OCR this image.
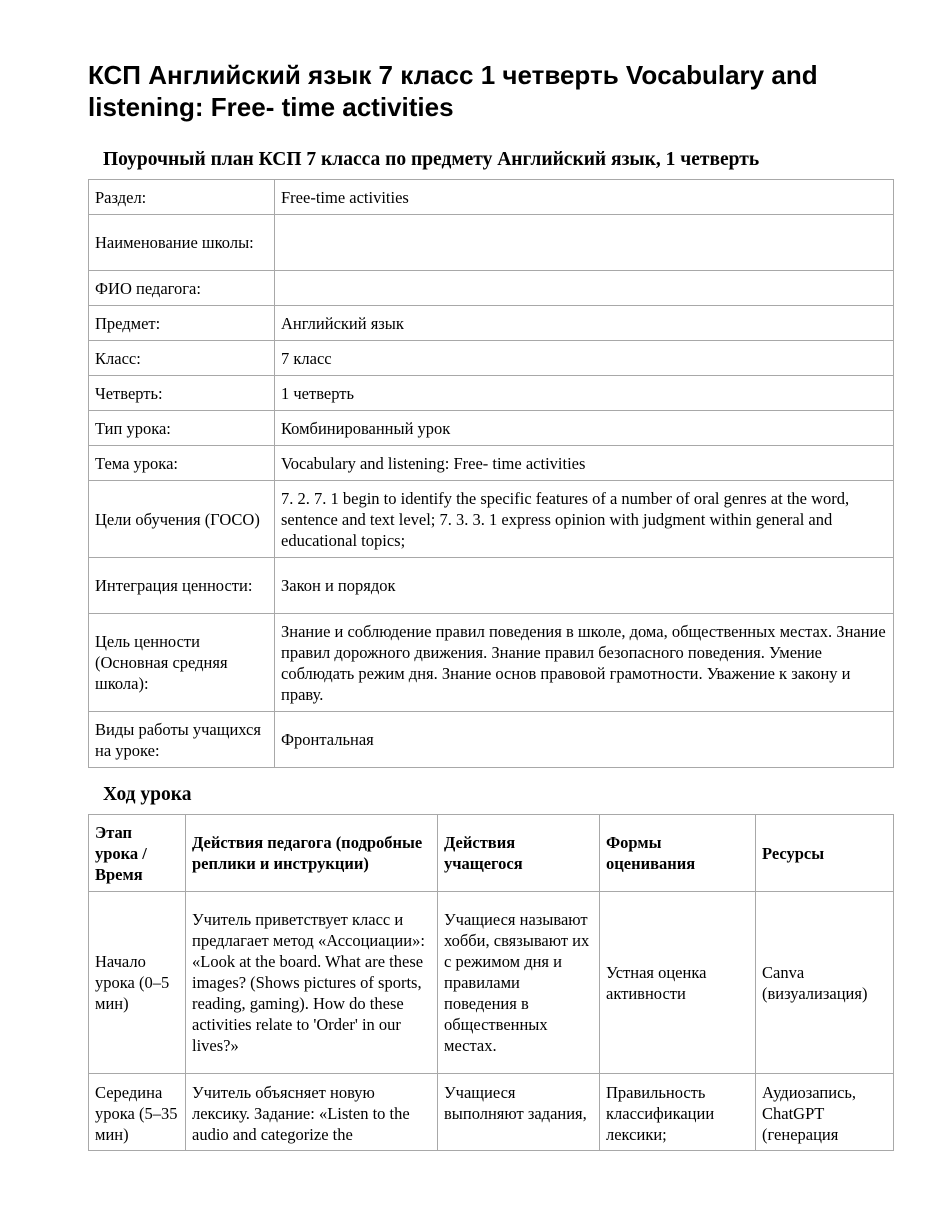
КСП Английский язык 7 класс 1 четверть Vocabulary and listening: Free- time activities
Поурочный план КСП 7 класса по предмету Английский язык, 1 четверть
Раздел:	Free-time activities
Наименование школы:	
ФИО педагога:	
Предмет:	Английский язык
Класс:	7 класс
Четверть:	1 четверть
Тип урока:	Комбинированный урок
Тема урока:	Vocabulary and listening: Free- time activities
Цели обучения (ГОСО)	7. 2. 7. 1 begin to identify the specific features of a number of oral genres at the word, sentence and text level; 7. 3. 3. 1 express opinion with judgment within general and educational topics;
Интеграция ценности:	Закон и порядок
Цель ценности (Основная средняя школа):	Знание и соблюдение правил поведения в школе, дома, общественных местах. Знание правил дорожного движения. Знание правил безопасного поведения. Умение соблюдать режим дня. Знание основ правовой грамотности. Уважение к закону и праву.
Виды работы учащихся на уроке:	Фронтальная
Ход урока
Этап урока / Время	Действия педагога (подробные реплики и инструкции)	Действия учащегося	Формы оценивания	Ресурсы
Начало урока (0–5 мин)	Учитель приветствует класс и предлагает метод «Ассоциации»: «Look at the board. What are these images? (Shows pictures of sports, reading, gaming). How do these activities relate to 'Order' in our lives?»	Учащиеся называют хобби, связывают их с режимом дня и правилами поведения в общественных местах.	Устная оценка активности	Canva (визуализация)
Середина урока (5–35 мин)	Учитель объясняет новую лексику. Задание: «Listen to the audio and categorize the	Учащиеся выполняют задания,	Правильность классификации лексики;	Аудиозапись, ChatGPT (генерация
